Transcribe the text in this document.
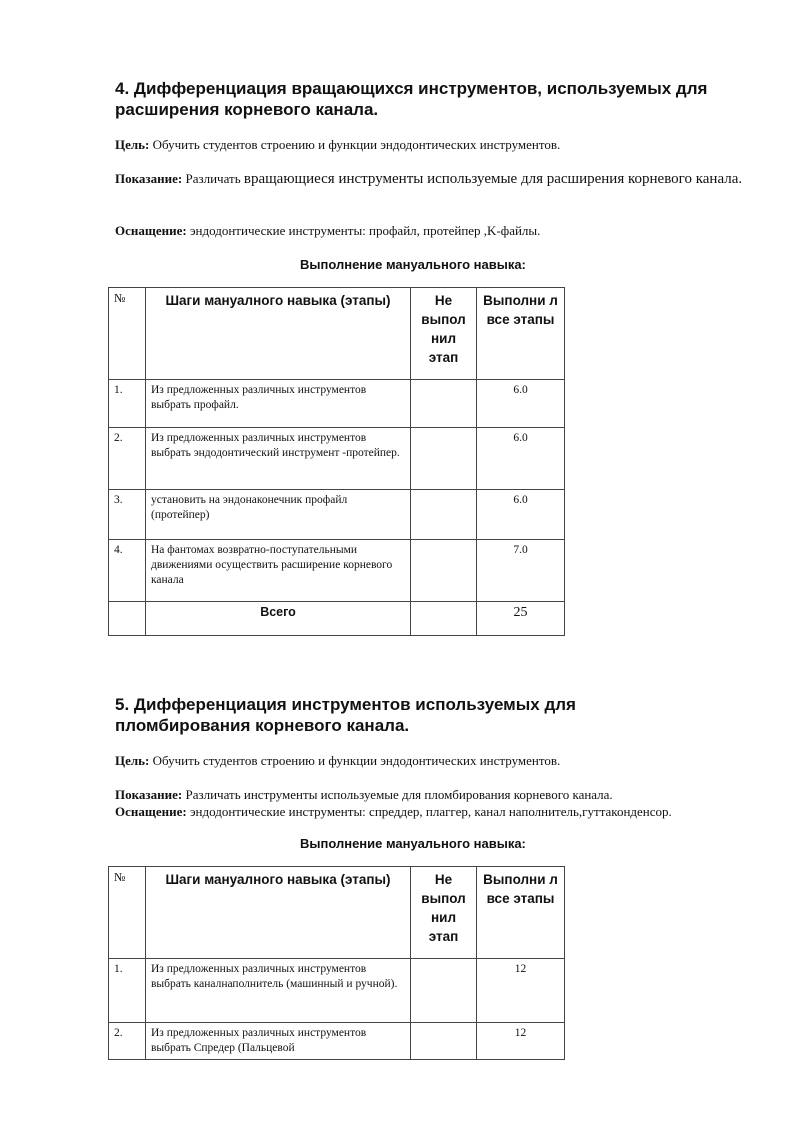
4. Дифференциация вращающихся инструментов, используемых для расширения корневого канала.

Цель: Обучить студентов строению и функции эндодонтических инструментов.

Показание: Различать вращающиеся инструменты используемые для расширения корневого канала.

Оснащение: эндодонтические инструменты: профайл, протейпер ,K-файлы.

Выполнение мануального навыка:
№	Шаги мануалного навыка (этапы)	Не выпол нил этап	Выполни л все этапы
1.	Из предложенных различных инструментов выбрать профайл.		6.0
2.	Из предложенных различных инструментов выбрать эндодонтический инструмент -протейпер.		6.0
3.	установить на эндонаконечник профайл (протейпер)		6.0
4.	На фантомах возвратно-поступательными движениями осуществить расширение корневого канала		7.0
	Всего		25
5. Дифференциация инструментов используемых для пломбирования корневого канала.

Цель: Обучить студентов строению и функции эндодонтических инструментов.

Показание: Различать инструменты используемые для пломбирования корневого канала.

Оснащение: эндодонтические инструменты: спреддер, плаггер, канал наполнитель,гуттаконденсор.

Выполнение мануального навыка:
№	Шаги мануалного навыка (этапы)	Не выпол нил этап	Выполни л все этапы
1.	Из предложенных различных инструментов выбрать каналнаполнитель (машинный и ручной).		12
2.	Из предложенных различных инструментов выбрать Спредер (Пальцевой		12
